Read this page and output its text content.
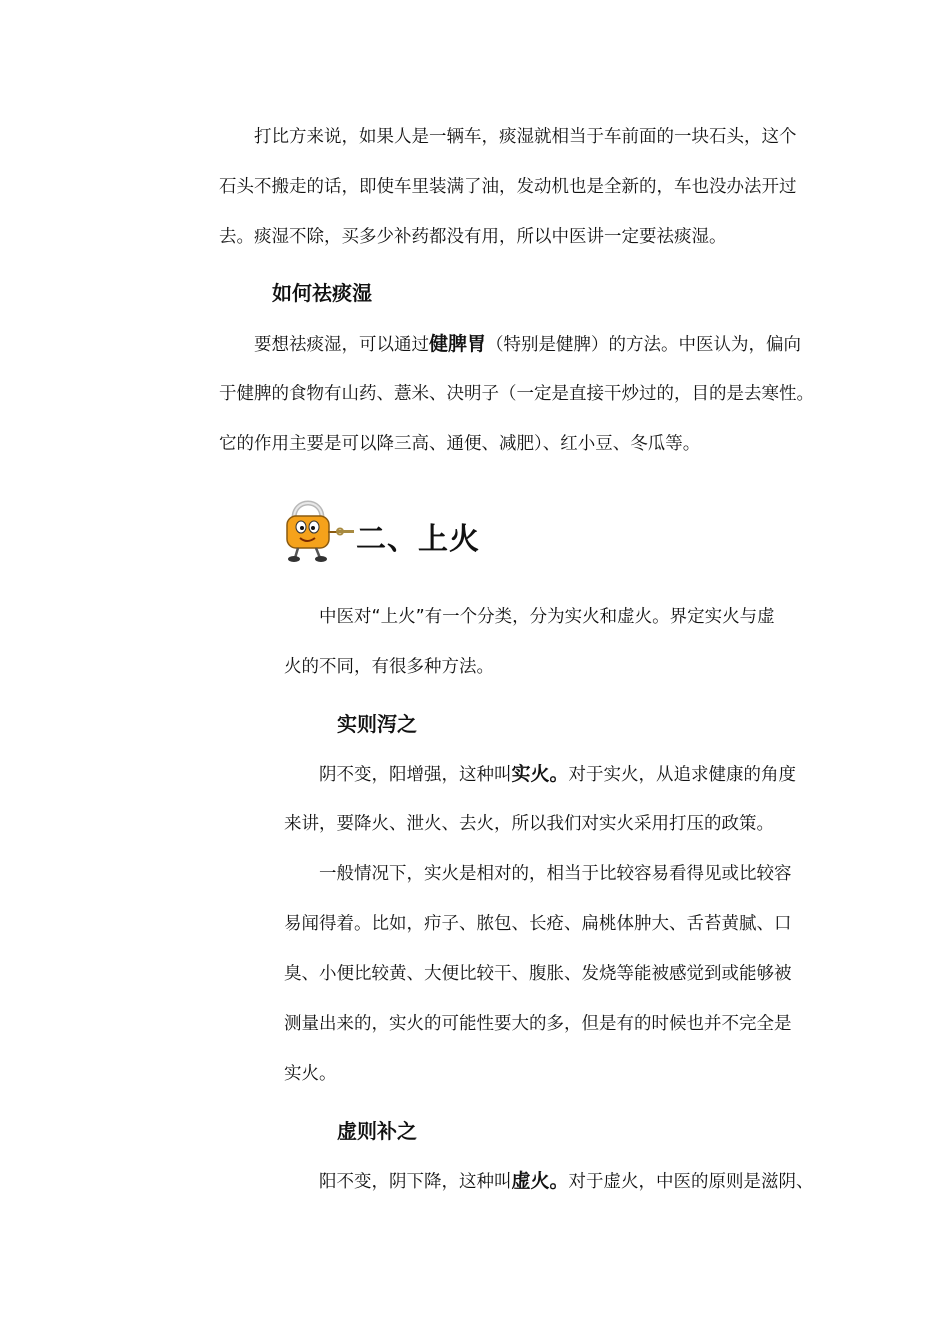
打比方来说，如果人是一辆车，痰湿就相当于车前面的一块石头，这个
石头不搬走的话，即使车里装满了油，发动机也是全新的，车也没办法开过
去。痰湿不除，买多少补药都没有用，所以中医讲一定要祛痰湿。
如何祛痰湿
要想祛痰湿，可以通过健脾胃（特别是健脾）的方法。中医认为，偏向
于健脾的食物有山药、薏米、决明子（一定是直接干炒过的，目的是去寒性。
它的作用主要是可以降三高、通便、减肥）、红小豆、冬瓜等。
二、上火
中医对“上火”有一个分类，分为实火和虚火。界定实火与虚
火的不同，有很多种方法。
实则泻之
阴不变，阳增强，这种叫实火。对于实火，从追求健康的角度
来讲，要降火、泄火、去火，所以我们对实火采用打压的政策。
一般情况下，实火是相对的，相当于比较容易看得见或比较容
易闻得着。比如，疖子、脓包、长疮、扁桃体肿大、舌苔黄腻、口
臭、小便比较黄、大便比较干、腹胀、发烧等能被感觉到或能够被
测量出来的，实火的可能性要大的多，但是有的时候也并不完全是
实火。
虚则补之
阳不变，阴下降，这种叫虚火。对于虚火，中医的原则是滋阴、
